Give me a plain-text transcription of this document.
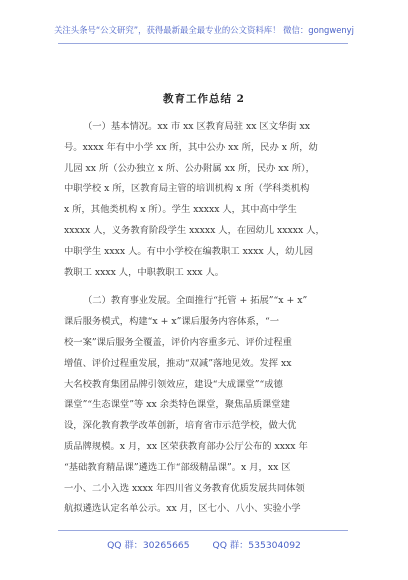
关注头条号“公文研究”，获得最新最全最专业的公文资料库！ 微信：gongwenyj
教育工作总结 2
（一）基本情况。xx 市 xx 区教育局驻 xx 区文华街 xx
号。xxxx 年有中小学 xx 所，其中公办 xx 所，民办 x 所，幼
儿园 xx 所（公办独立 x 所、公办附属 xx 所，民办 xx 所），
中职学校 x 所，区教育局主管的培训机构 x 所（学科类机构
x 所，其他类机构 x 所）。学生 xxxxx 人，其中高中学生
xxxxx 人，义务教育阶段学生 xxxxx 人，在园幼儿 xxxxx 人，
中职学生 xxxx 人。有中小学校在编教职工 xxxx 人，幼儿园
教职工 xxxx 人，中职教职工 xxx 人。
（二）教育事业发展。全面推行“托管 + 拓展”“x + x”
课后服务模式，构建“x + x”课后服务内容体系，“一
校一案”课后服务全覆盖，评价内容重多元、评价过程重
增值、评价过程重发展，推动“双减”落地见效。发挥 xx
大名校教育集团品牌引领效应，建设“大成课堂”“成德
课堂”“生态课堂”等 xx 余类特色课堂，聚焦品质课堂建
设，深化教育教学改革创新，培育省市示范学校，做大优
质品牌规模。x 月，xx 区荣获教育部办公厅公布的 xxxx 年
“基础教育精品课”遴选工作“部级精品课”。x 月，xx 区
一小、二小入选 xxxx 年四川省义务教育优质发展共同体领
航拟遴选认定名单公示。xx 月，区七小、八小、实验小学
QQ 群：30265665 QQ 群：535304092
